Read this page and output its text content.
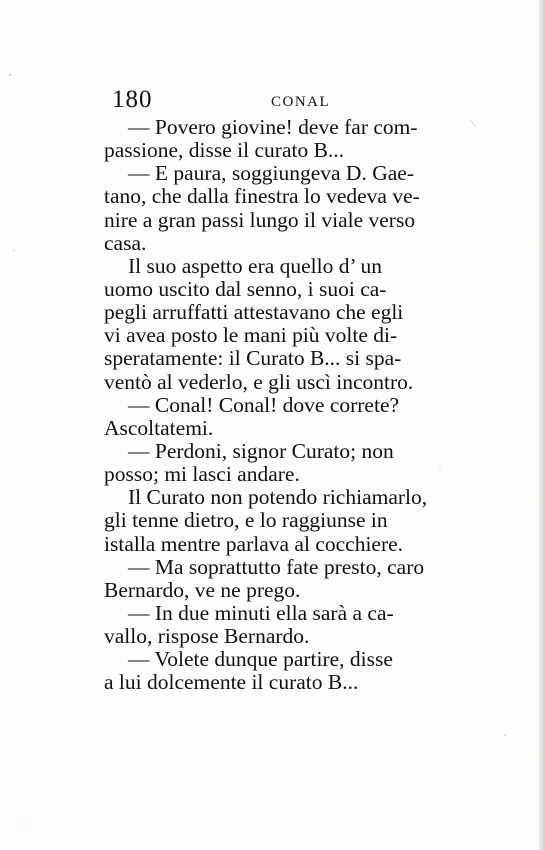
180	CONAL
— Povero giovine! deve far com-
passione, disse il curato B...
— E paura, soggiungeva D. Gae-
tano, che dalla finestra lo vedeva ve-
nire a gran passi lungo il viale verso
casa.
Il suo aspetto era quello d’ un
uomo uscito dal senno, i suoi ca-
pegli arruffatti attestavano che egli
vi avea posto le mani più volte di-
speratamente: il Curato B... si spa-
ventò al vederlo, e gli uscì incontro.
— Conal! Conal! dove correte?
Ascoltatemi.
— Perdoni, signor Curato; non
posso; mi lasci andare.
Il Curato non potendo richiamarlo,
gli tenne dietro, e lo raggiunse in
istalla mentre parlava al cocchiere.
— Ma soprattutto fate presto, caro
Bernardo, ve ne prego.
— In due minuti ella sarà a ca-
vallo, rispose Bernardo.
— Volete dunque partire, disse
a lui dolcemente il curato B...
